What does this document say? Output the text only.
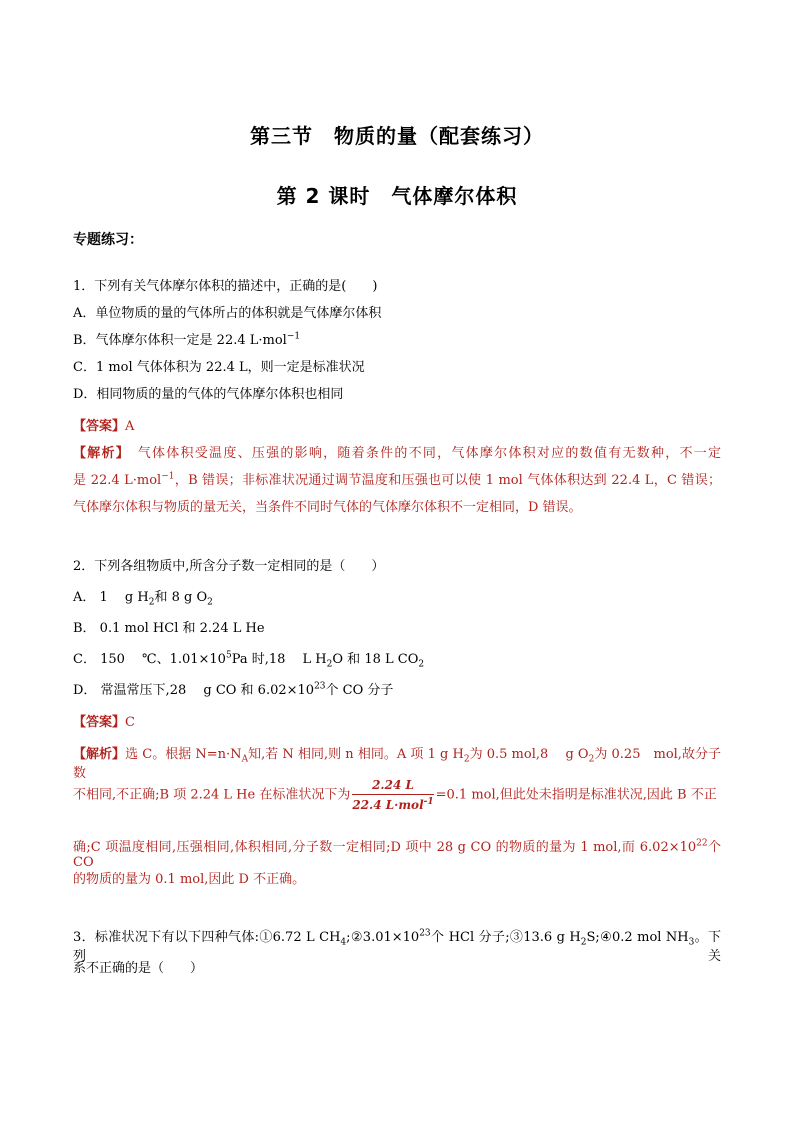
第三节　物质的量（配套练习）
第 2 课时　气体摩尔体积
专题练习：
1．下列有关气体摩尔体积的描述中，正确的是(　　)
A．单位物质的量的气体所占的体积就是气体摩尔体积
B．气体摩尔体积一定是 22.4 L·mol$^{-1}$
C．1 mol 气体体积为 22.4 L，则一定是标准状况
D．相同物质的量的气体的气体摩尔体积也相同
【答案】A
【解析】　气体体积受温度、压强的影响，随着条件的不同，气体摩尔体积对应的数值有无数种，不一定
是 22.4 L·mol$^{-1}$，B 错误；非标准状况通过调节温度和压强也可以使 1 mol 气体体积达到 22.4 L，C 错误；
气体摩尔体积与物质的量无关，当条件不同时气体的气体摩尔体积不一定相同，D 错误。
2．下列各组物质中,所含分子数一定相同的是（　　）
A． 1　 g $H_2$和 8 g $O_2$
B． 0.1 mol HCl 和 2.24 L He
C． 150　 ℃、$1.01\times 10^5Pa$ 时,18　 L $H_2O$ 和 18 L $CO_2$
D． 常温常压下,28　 g CO 和 $6.02\times 10^{23}$个 CO 分子
【答案】C
【解析】选 C。根据 $N=n\cdot N_A$知,若 N 相同,则 n 相同。A 项 1 g $H_2$为 0.5 mol,8　 g $O_2$为 0.25　mol,故分子数
不相同,不正确;B 项 2.24 L He 在标准状况下为 $\frac{2.24 L}{22.4 L\cdot mol^{-1}} =0.1$ mol,但此处未指明是标准状况,因此 B 不正
确;C 项温度相同,压强相同,体积相同,分子数一定相同;D 项中 28 g CO 的物质的量为 1 mol,而 $6.02\times 10^{22}$个 CO
的物质的量为 0.1 mol,因此 D 不正确。
3．标准状况下有以下四种气体:①6.72 L $CH_4;②3.01\times 10^{23}$个 HCl 分子;③13.6 g $H_2S;④0.2$ mol $NH_3$。下列关
系不正确的是（　　）
